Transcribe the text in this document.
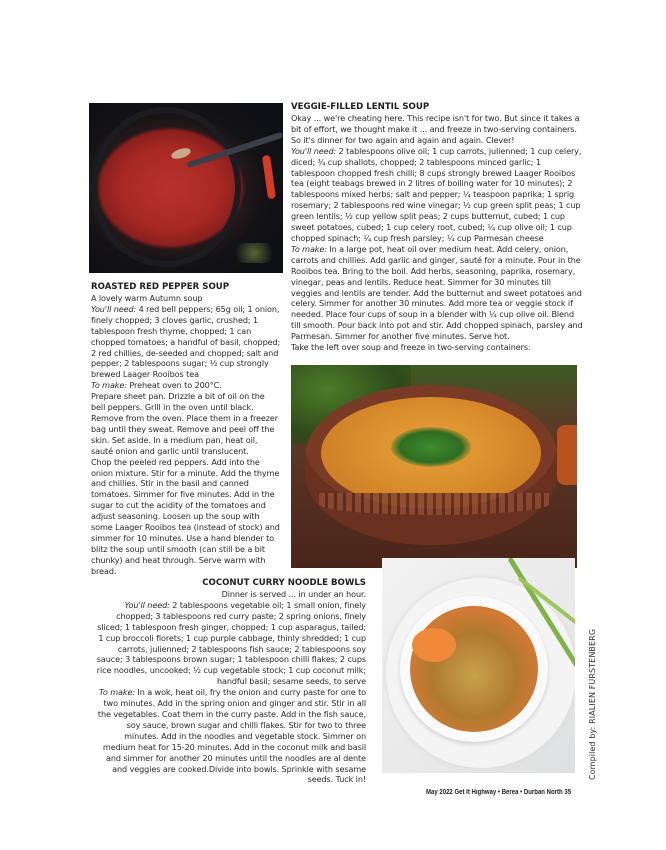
VEGGIE-FILLED LENTIL SOUP

Okay ... we're cheating here. This recipe isn't for two. But since it takes a bit of effort, we thought make it ... and freeze in two-serving containers. So it's dinner for two again and again and again. Clever!

You'll need: 2 tablespoons olive oil; 1 cup carrots, julienned; 1 cup celery, diced; ¾ cup shallots, chopped; 2 tablespoons minced garlic; 1 tablespoon chopped fresh chilli; 8 cups strongly brewed Laager Rooibos tea (eight teabags brewed in 2 litres of boiling water for 10 minutes); 2 tablespoons mixed herbs; salt and pepper; ¼ teaspoon paprika; 1 sprig rosemary; 2 tablespoons red wine vinegar; ½ cup green split peas; 1 cup green lentils; ½ cup yellow split peas; 2 cups butternut, cubed; 1 cup sweet potatoes, cubed; 1 cup celery root, cubed; ¼ cup olive oil; 1 cup chopped spinach; ¼ cup fresh parsley; ¼ cup Parmesan cheese

To make: In a large pot, heat oil over medium heat. Add celery, onion, carrots and chillies. Add garlic and ginger, sauté for a minute. Pour in the Rooibos tea. Bring to the boil. Add herbs, seasoning, paprika, rosemary, vinegar, peas and lentils. Reduce heat. Simmer for 30 minutes till veggies and lentils are tender. Add the butternut and sweet potatoes and celery. Simmer for another 30 minutes. Add more tea or veggie stock if needed. Place four cups of soup in a blender with ¼ cup olive oil. Blend till smooth. Pour back into pot and stir. Add chopped spinach, parsley and Parmesan. Simmer for another five minutes. Serve hot.

Take the left over soup and freeze in two-serving containers.

ROASTED RED PEPPER SOUP

A lovely warm Autumn soup

You'll need: 4 red bell peppers; 65g oil; 1 onion, finely chopped; 3 cloves garlic, crushed; 1 tablespoon fresh thyme, chopped; 1 can chopped tomatoes; a handful of basil, chopped; 2 red chillies, de-seeded and chopped; salt and pepper; 2 tablespoons sugar; ½ cup strongly brewed Laager Rooibos tea

To make: Preheat oven to 200°C.

Prepare sheet pan. Drizzle a bit of oil on the bell peppers. Grill in the oven until black. Remove from the oven. Place them in a freezer bag until they sweat. Remove and peel off the skin. Set aside. In a medium pan, heat oil, sauté onion and garlic until translucent.

Chop the peeled red peppers. Add into the onion mixture. Stir for a minute. Add the thyme and chillies. Stir in the basil and canned tomatoes. Simmer for five minutes. Add in the sugar to cut the acidity of the tomatoes and adjust seasoning. Loosen up the soup with some Laager Rooibos tea (instead of stock) and simmer for 10 minutes. Use a hand blender to blitz the soup until smooth (can still be a bit chunky) and heat through. Serve warm with bread.

COCONUT CURRY NOODLE BOWLS

Dinner is served ... in under an hour.

You'll need: 2 tablespoons vegetable oil; 1 small onion, finely chopped; 3 tablespoons red curry paste; 2 spring onions, finely sliced; 1 tablespoon fresh ginger, chopped; 1 cup asparagus, tailed; 1 cup broccoli florets; 1 cup purple cabbage, thinly shredded; 1 cup carrots, julienned; 2 tablespoons fish sauce; 2 tablespoons soy sauce; 3 tablespoons brown sugar; 1 tablespoon chilli flakes; 2 cups rice noodles, uncooked; ½ cup vegetable stock; 1 cup coconut milk; handful basil; sesame seeds, to serve

To make: In a wok, heat oil, fry the onion and curry paste for one to two minutes. Add in the spring onion and ginger and stir. Stir in all the vegetables. Coat them in the curry paste. Add in the fish sauce, soy sauce, brown sugar and chilli flakes. Stir for two to three minutes. Add in the noodles and vegetable stock. Simmer on medium heat for 15-20 minutes. Add in the coconut milk and basil and simmer for another 20 minutes until the noodles are al dente and veggies are cooked.Divide into bowls. Sprinkle with sesame seeds. Tuck in!	Compiled by: RIALIEN FURSTENBERG
May 2022 Get It Highway • Berea • Durban North 35
